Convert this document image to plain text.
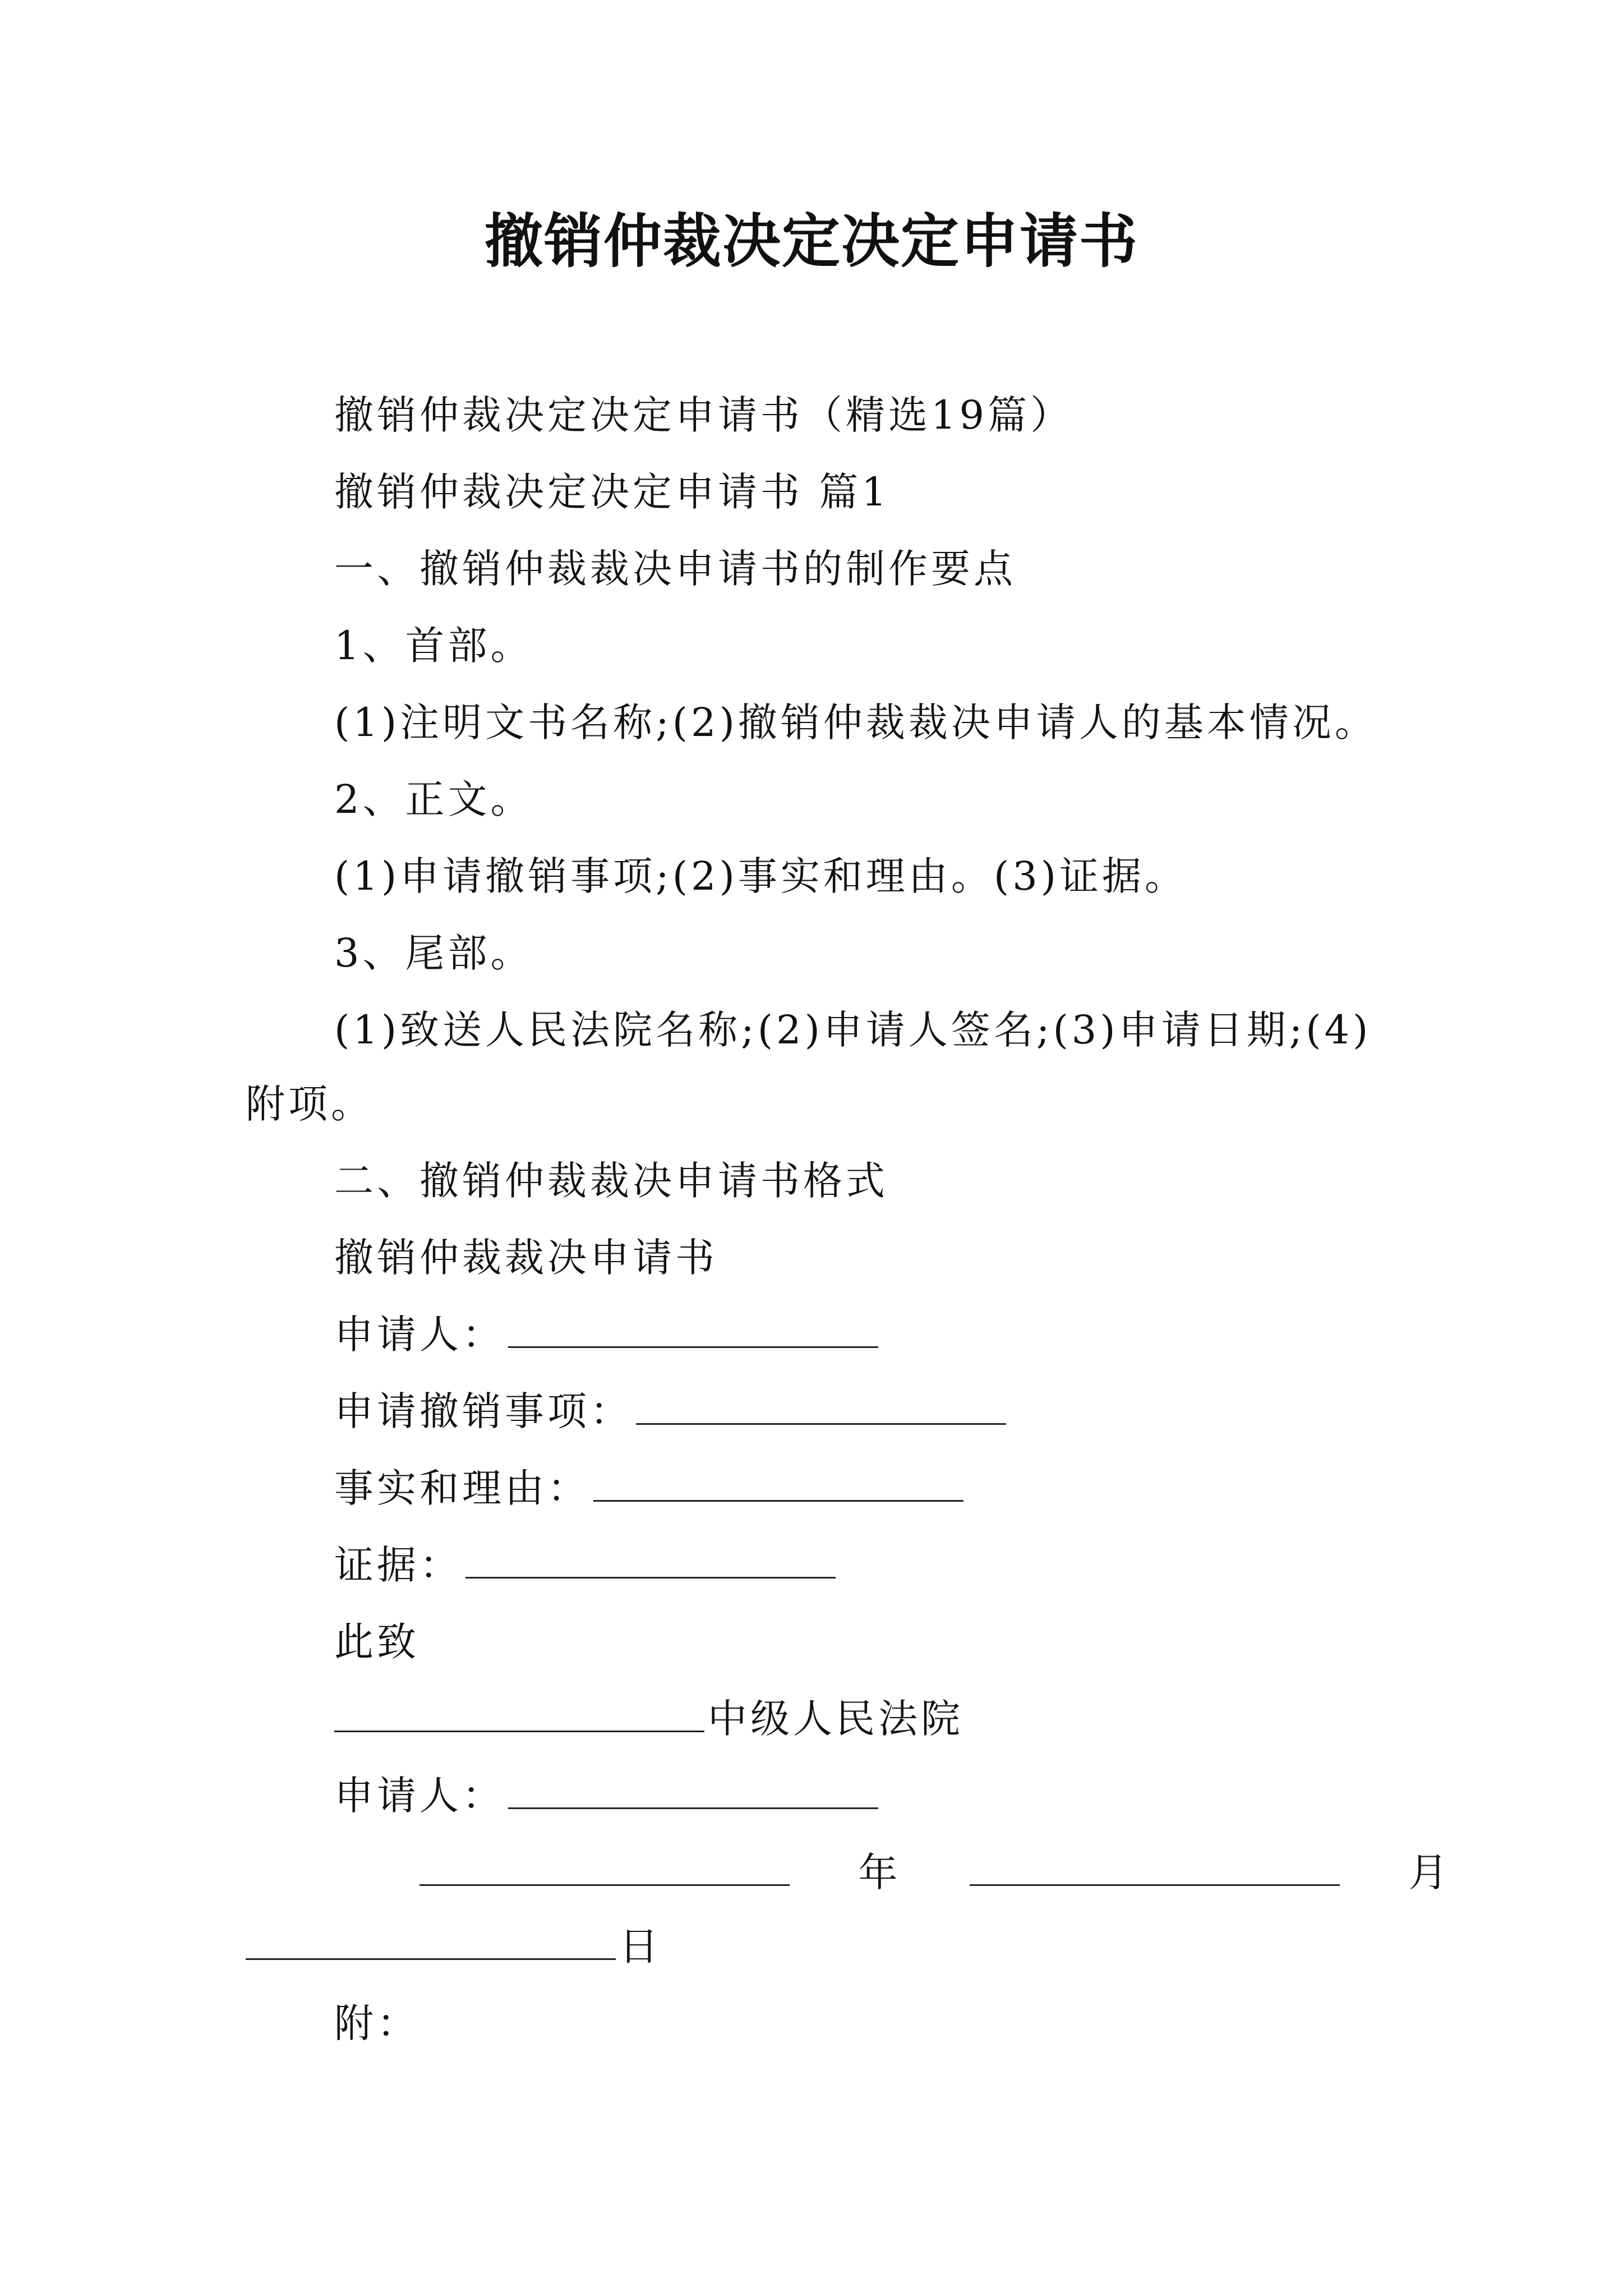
撤销仲裁决定决定申请书
撤销仲裁决定决定申请书（精选19篇）
撤销仲裁决定决定申请书 篇1
一、撤销仲裁裁决申请书的制作要点
1、首部。
(1)注明文书名称;(2)撤销仲裁裁决申请人的基本情况。
2、正文。
(1)申请撤销事项;(2)事实和理由。(3)证据。
3、尾部。
(1)致送人民法院名称;(2)申请人签名;(3)申请日期;(4)
附项。
二、撤销仲裁裁决申请书格式
撤销仲裁裁决申请书
申请人：
申请撤销事项：
事实和理由：
证据：
此致
中级人民法院
申请人：
年	月
日
附：
